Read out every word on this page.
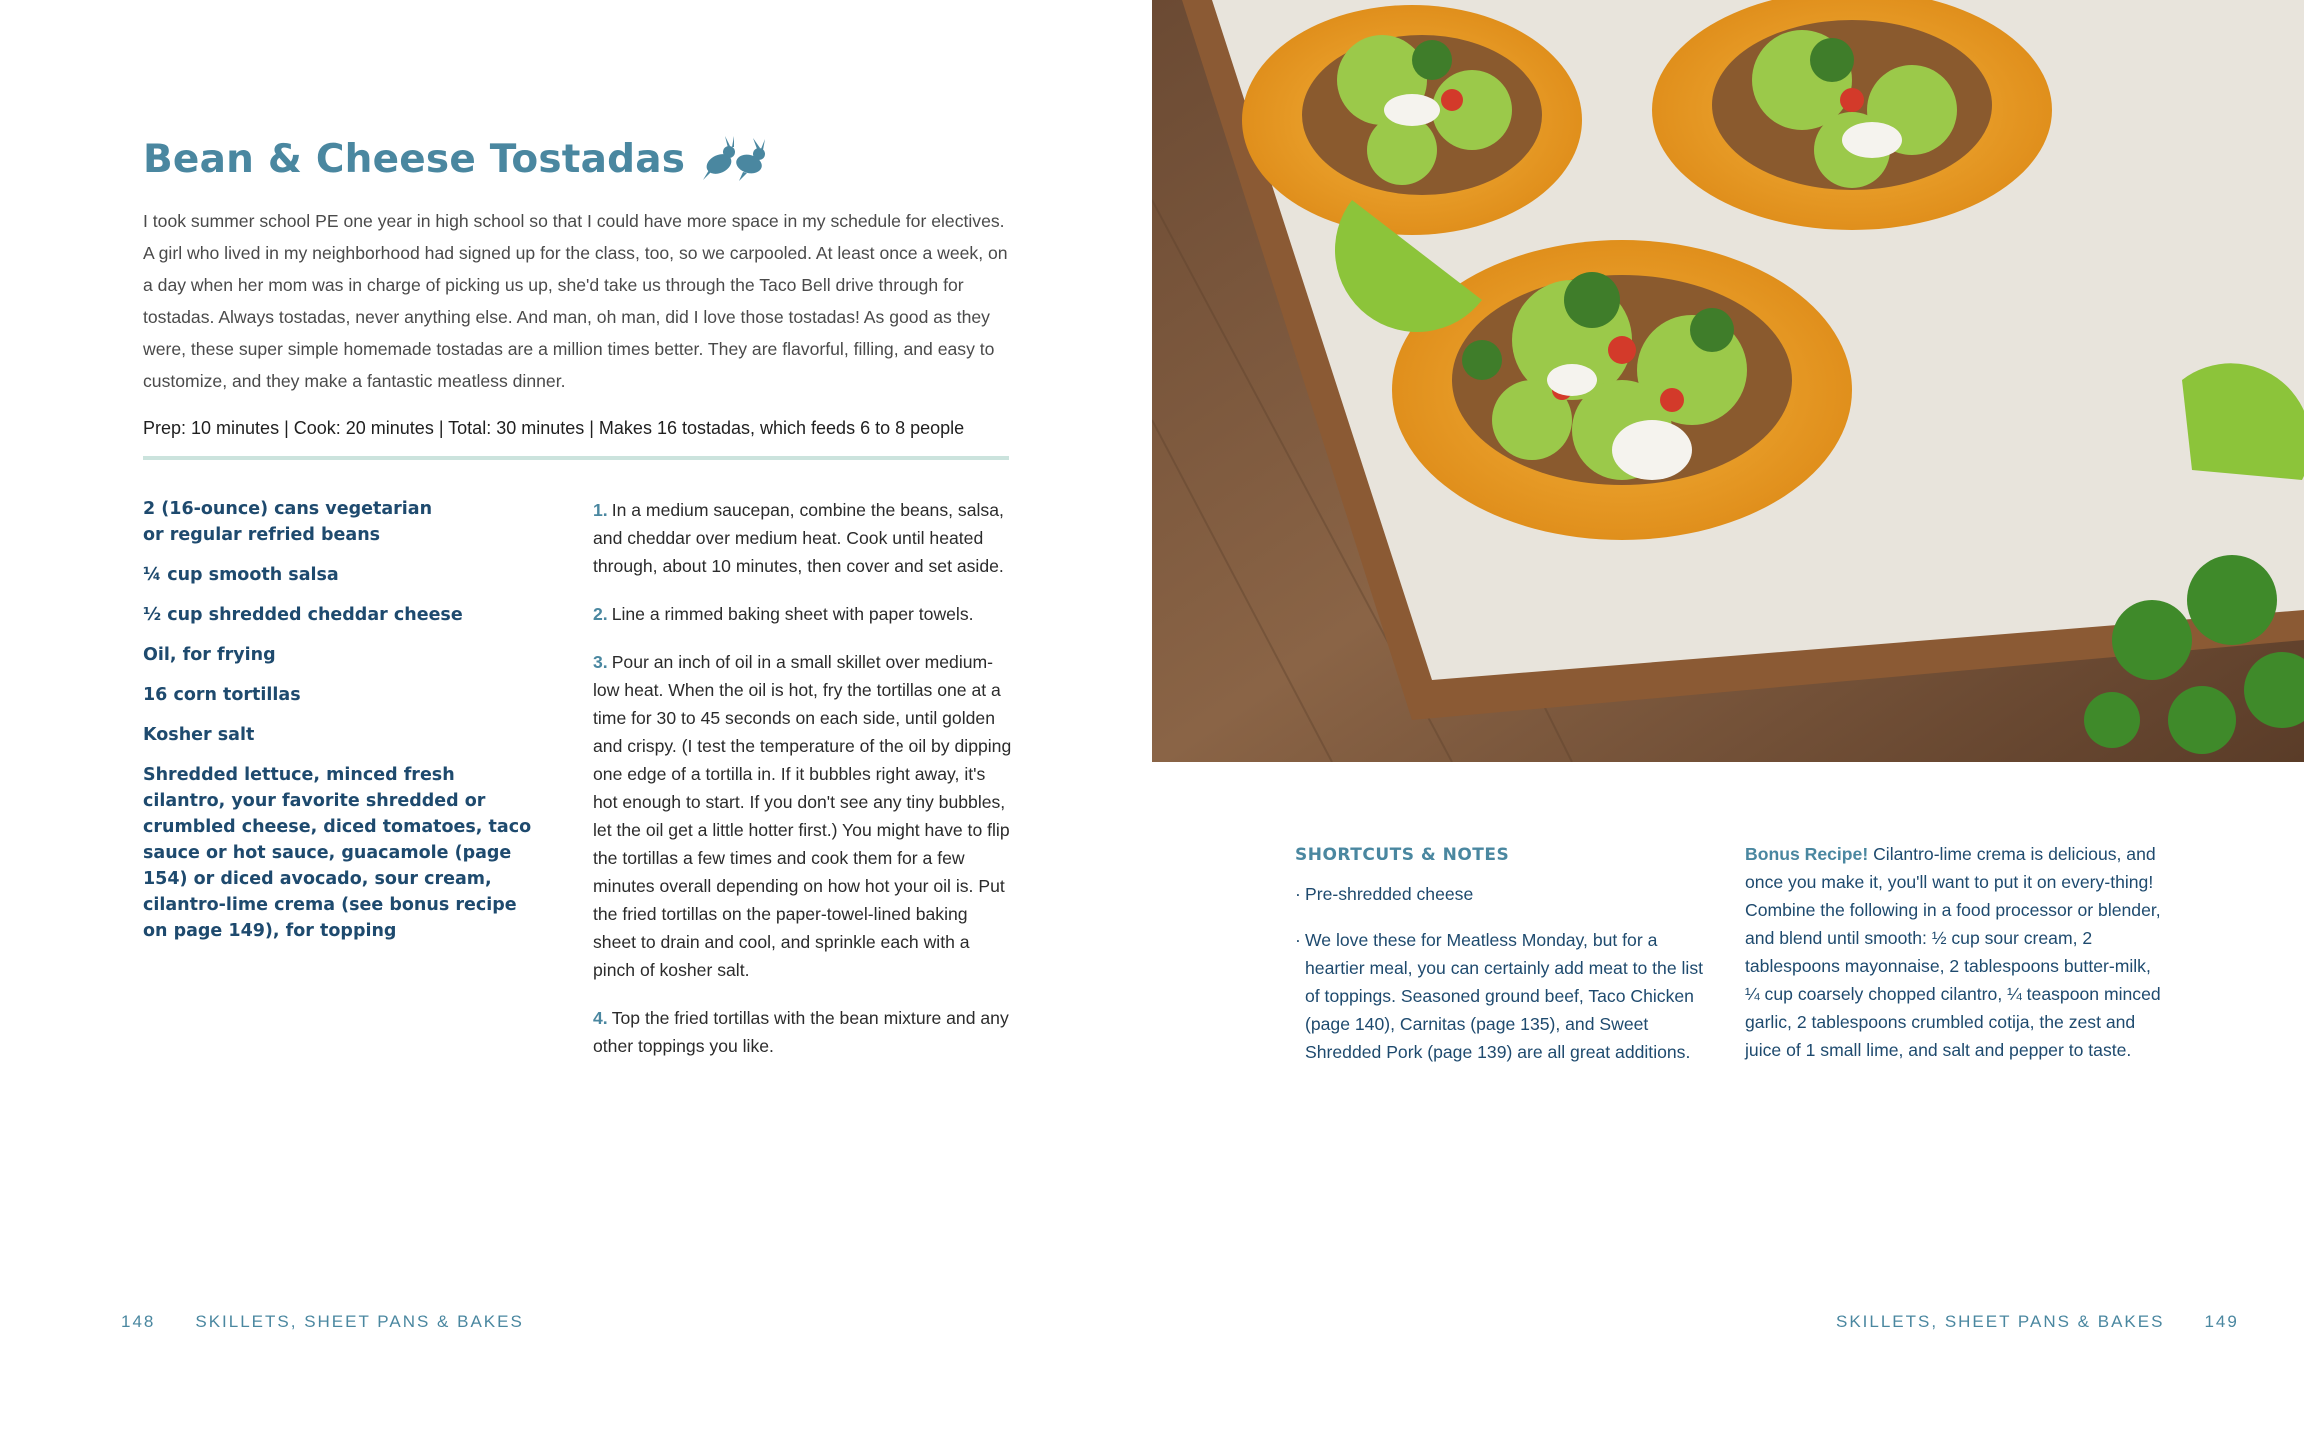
Bean & Cheese Tostadas

I took summer school PE one year in high school so that I could have more space in my schedule for electives. A girl who lived in my neighborhood had signed up for the class, too, so we carpooled. At least once a week, on a day when her mom was in charge of picking us up, she'd take us through the Taco Bell drive through for tostadas. Always tostadas, never anything else. And man, oh man, did I love those tostadas! As good as they were, these super simple homemade tostadas are a million times better. They are flavorful, filling, and easy to customize, and they make a fantastic meatless dinner.

Prep: 10 minutes | Cook: 20 minutes | Total: 30 minutes | Makes 16 tostadas, which feeds 6 to 8 people

2 (16-ounce) cans vegetarian
or regular refried beans
¼ cup smooth salsa
½ cup shredded cheddar cheese
Oil, for frying
16 corn tortillas
Kosher salt
Shredded lettuce, minced fresh cilantro, your favorite shredded or crumbled cheese, diced tomatoes, taco sauce or hot sauce, guacamole (page 154) or diced avocado, sour cream, cilantro-lime crema (see bonus recipe on page 149), for topping
1. In a medium saucepan, combine the beans, salsa, and cheddar over medium heat. Cook until heated through, about 10 minutes, then cover and set aside.
2. Line a rimmed baking sheet with paper towels.
3. Pour an inch of oil in a small skillet over medium-low heat. When the oil is hot, fry the tortillas one at a time for 30 to 45 seconds on each side, until golden and crispy. (I test the temperature of the oil by dipping one edge of a tortilla in. If it bubbles right away, it's hot enough to start. If you don't see any tiny bubbles, let the oil get a little hotter first.) You might have to flip the tortillas a few times and cook them for a few minutes overall depending on how hot your oil is. Put the fried tortillas on the paper-towel-lined baking sheet to drain and cool, and sprinkle each with a pinch of kosher salt.
4. Top the fried tortillas with the bean mixture and any other toppings you like.
148 SKILLETS, SHEET PANS & BAKES
SHORTCUTS & NOTES
· Pre-shredded cheese
· We love these for Meatless Monday, but for a heartier meal, you can certainly add meat to the list of toppings. Seasoned ground beef, Taco Chicken (page 140), Carnitas (page 135), and Sweet Shredded Pork (page 139) are all great additions.

Bonus Recipe! Cilantro-lime crema is delicious, and once you make it, you'll want to put it on every-thing! Combine the following in a food processor or blender, and blend until smooth: ½ cup sour cream, 2 tablespoons mayonnaise, 2 tablespoons butter-milk, ¼ cup coarsely chopped cilantro, ¼ teaspoon minced garlic, 2 tablespoons crumbled cotija, the zest and juice of 1 small lime, and salt and pepper to taste.

SKILLETS, SHEET PANS & BAKES 149
